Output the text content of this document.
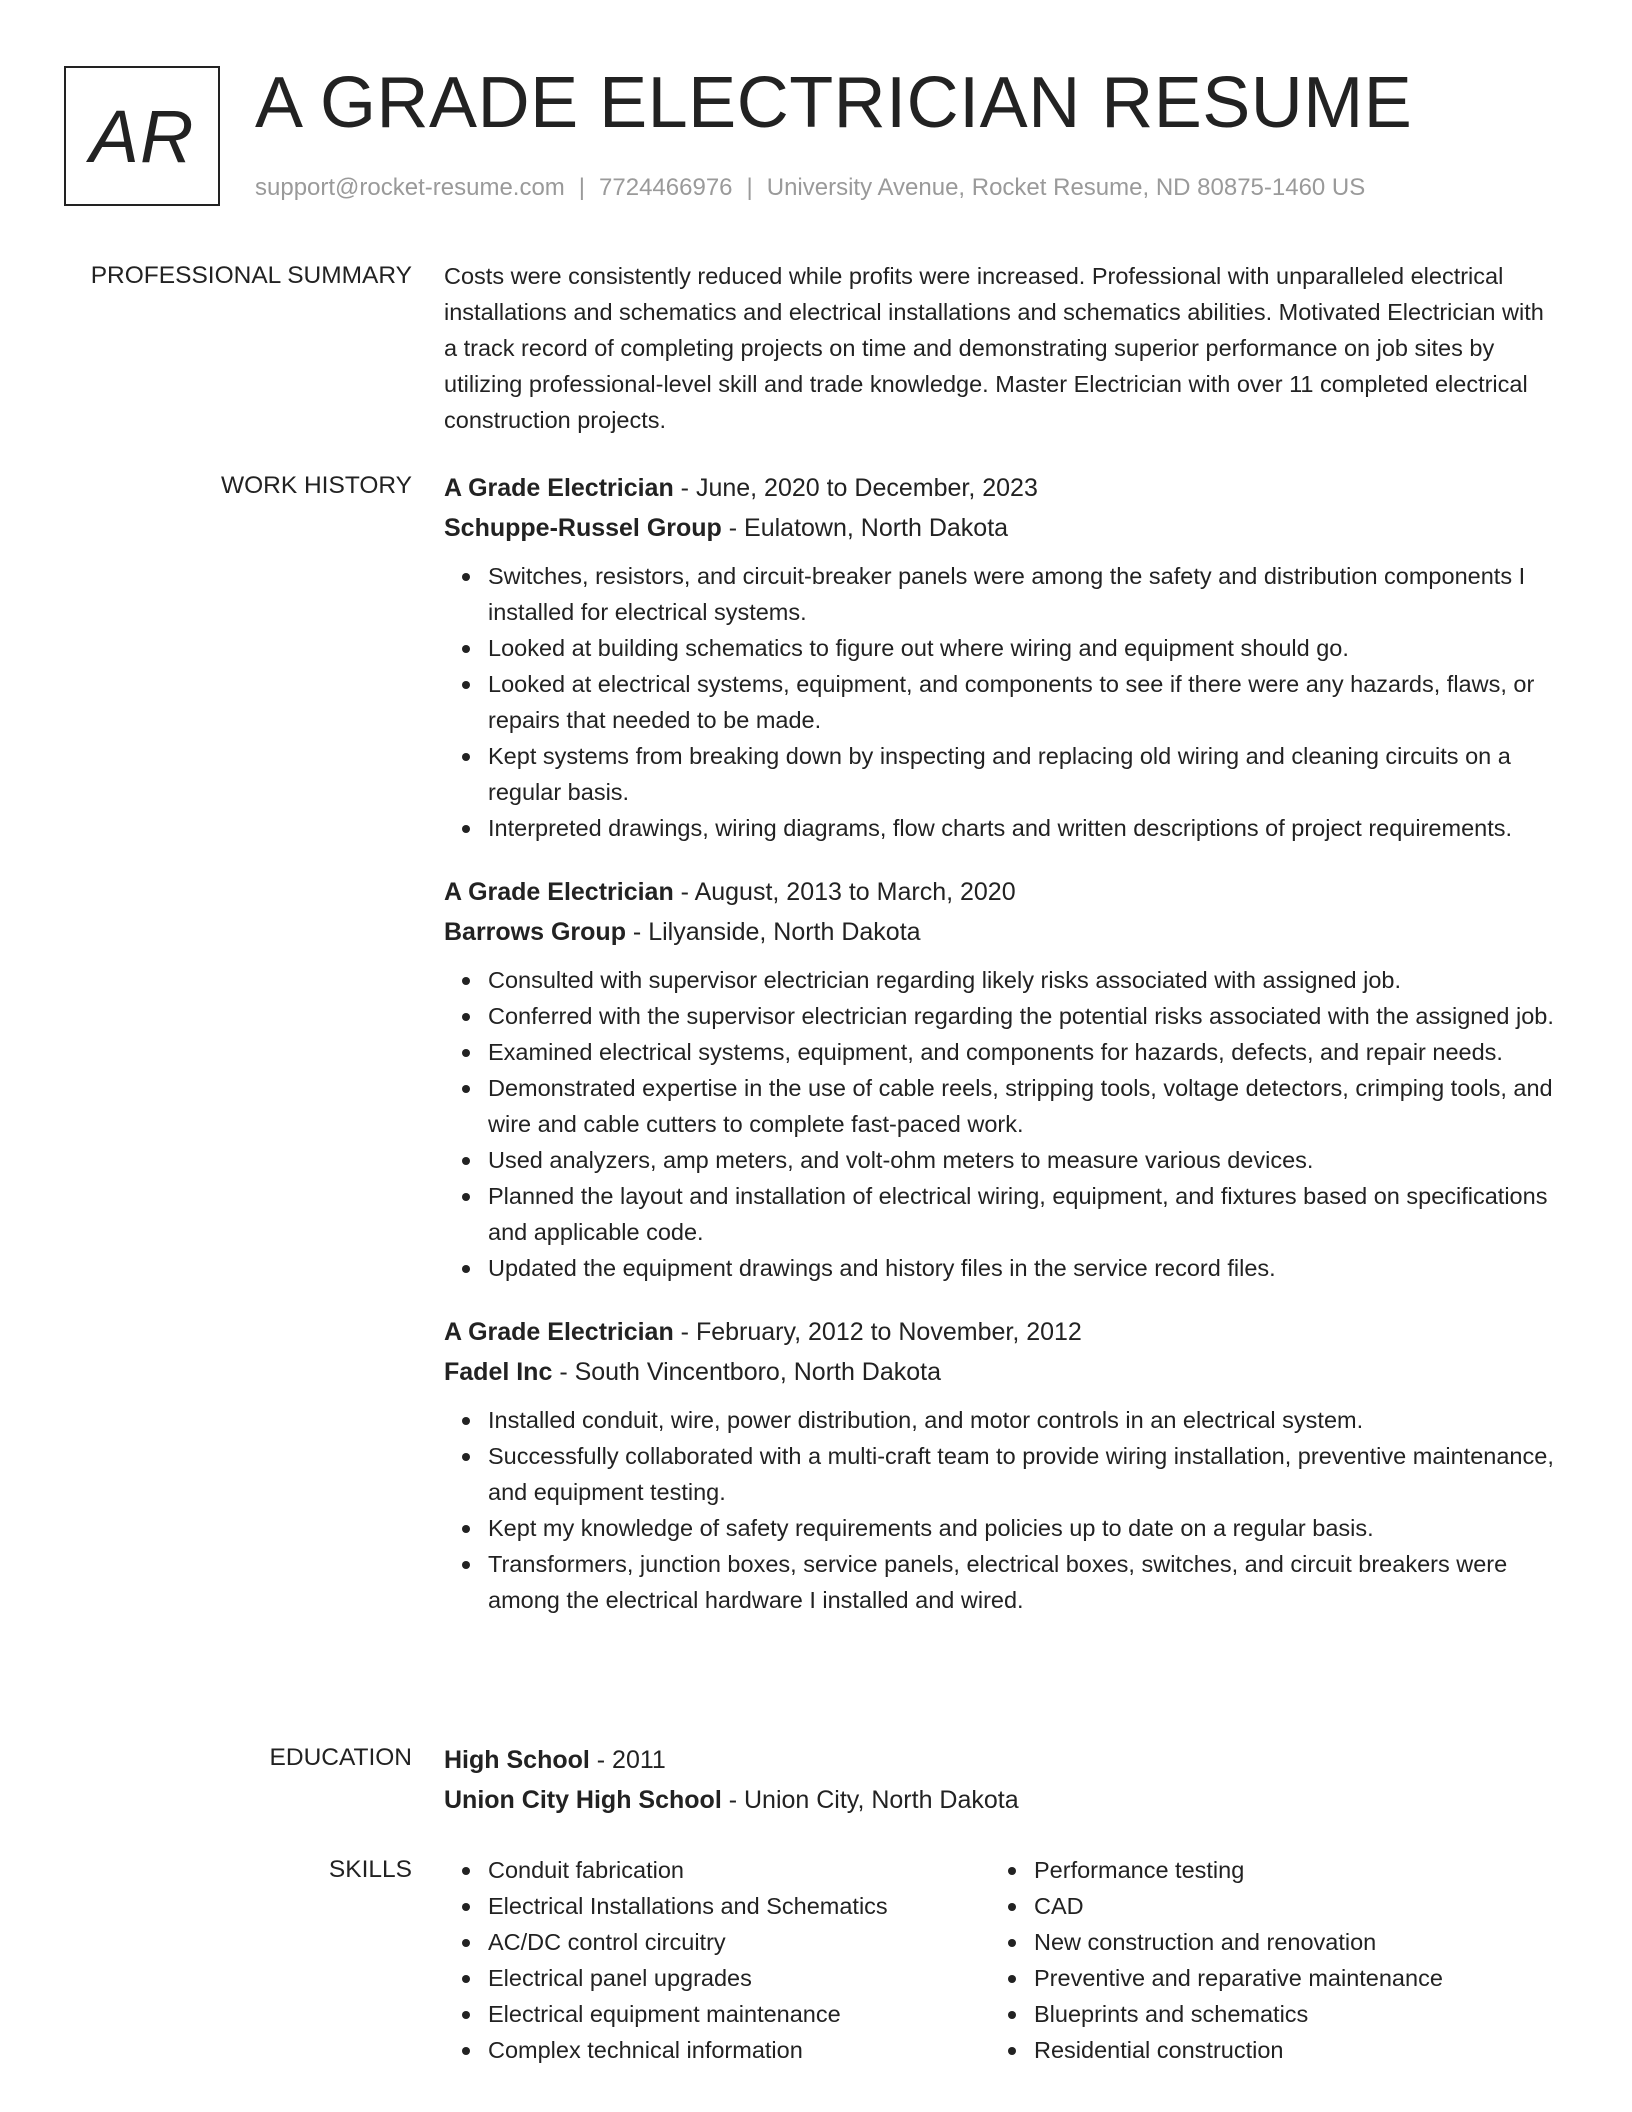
AR A GRADE ELECTRICIAN RESUME
support@rocket-resume.com | 7724466976 | University Avenue, Rocket Resume, ND 80875-1460 US
PROFESSIONAL SUMMARY Costs were consistently reduced while profits were increased. Professional with unparalleled electrical installations and schematics and electrical installations and schematics abilities. Motivated Electrician with a track record of completing projects on time and demonstrating superior performance on job sites by utilizing professional-level skill and trade knowledge. Master Electrician with over 11 completed electrical construction projects.

WORK HISTORY A Grade Electrician - June, 2020 to December, 2023
Schuppe-Russel Group - Eulatown, North Dakota
Switches, resistors, and circuit-breaker panels were among the safety and distribution components I installed for electrical systems.
Looked at building schematics to figure out where wiring and equipment should go.
Looked at electrical systems, equipment, and components to see if there were any hazards, flaws, or repairs that needed to be made.
Kept systems from breaking down by inspecting and replacing old wiring and cleaning circuits on a regular basis.
Interpreted drawings, wiring diagrams, flow charts and written descriptions of project requirements.
A Grade Electrician - August, 2013 to March, 2020
Barrows Group - Lilyanside, North Dakota
Consulted with supervisor electrician regarding likely risks associated with assigned job.
Conferred with the supervisor electrician regarding the potential risks associated with the assigned job.
Examined electrical systems, equipment, and components for hazards, defects, and repair needs.
Demonstrated expertise in the use of cable reels, stripping tools, voltage detectors, crimping tools, and wire and cable cutters to complete fast-paced work.
Used analyzers, amp meters, and volt-ohm meters to measure various devices.
Planned the layout and installation of electrical wiring, equipment, and fixtures based on specifications and applicable code.
Updated the equipment drawings and history files in the service record files.
A Grade Electrician - February, 2012 to November, 2012
Fadel Inc - South Vincentboro, North Dakota
Installed conduit, wire, power distribution, and motor controls in an electrical system.
Successfully collaborated with a multi-craft team to provide wiring installation, preventive maintenance, and equipment testing.
Kept my knowledge of safety requirements and policies up to date on a regular basis.
Transformers, junction boxes, service panels, electrical boxes, switches, and circuit breakers were among the electrical hardware I installed and wired.
EDUCATION High School - 2011
Union City High School - Union City, North Dakota
SKILLS	Conduit fabrication
Electrical Installations and Schematics
AC/DC control circuitry
Electrical panel upgrades
Electrical equipment maintenance
Complex technical information
Performance testing
CAD
New construction and renovation
Preventive and reparative maintenance
Blueprints and schematics
Residential construction
